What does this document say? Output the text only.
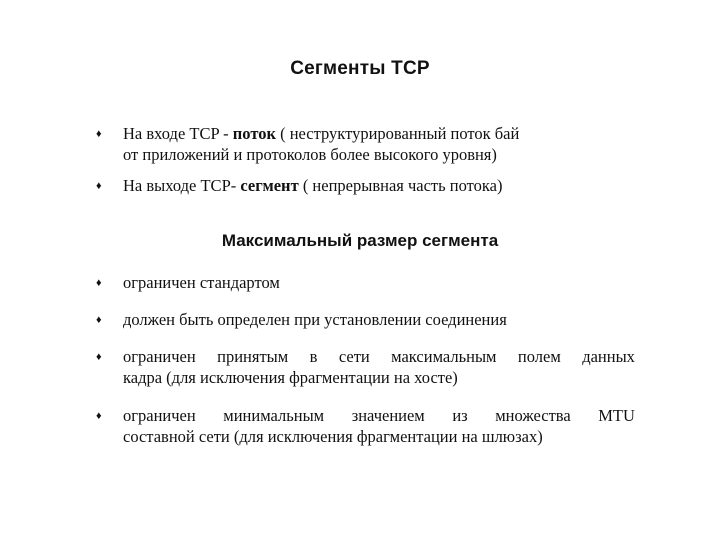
Сегменты TCP
♦ На входе TCP - поток ( неструктурированный поток бай
от приложений и протоколов более высокого уровня)
♦ На выходе TCP- сегмент ( непрерывная часть потока)
Максимальный размер сегмента
♦ ограничен стандартом
♦ должен быть определен при установлении соединения
♦ ограничен принятым в сети максимальным полем данных
кадра (для исключения фрагментации на хосте)
♦ ограничен минимальным значением из множества MTU
составной сети (для исключения фрагментации на шлюзах)
